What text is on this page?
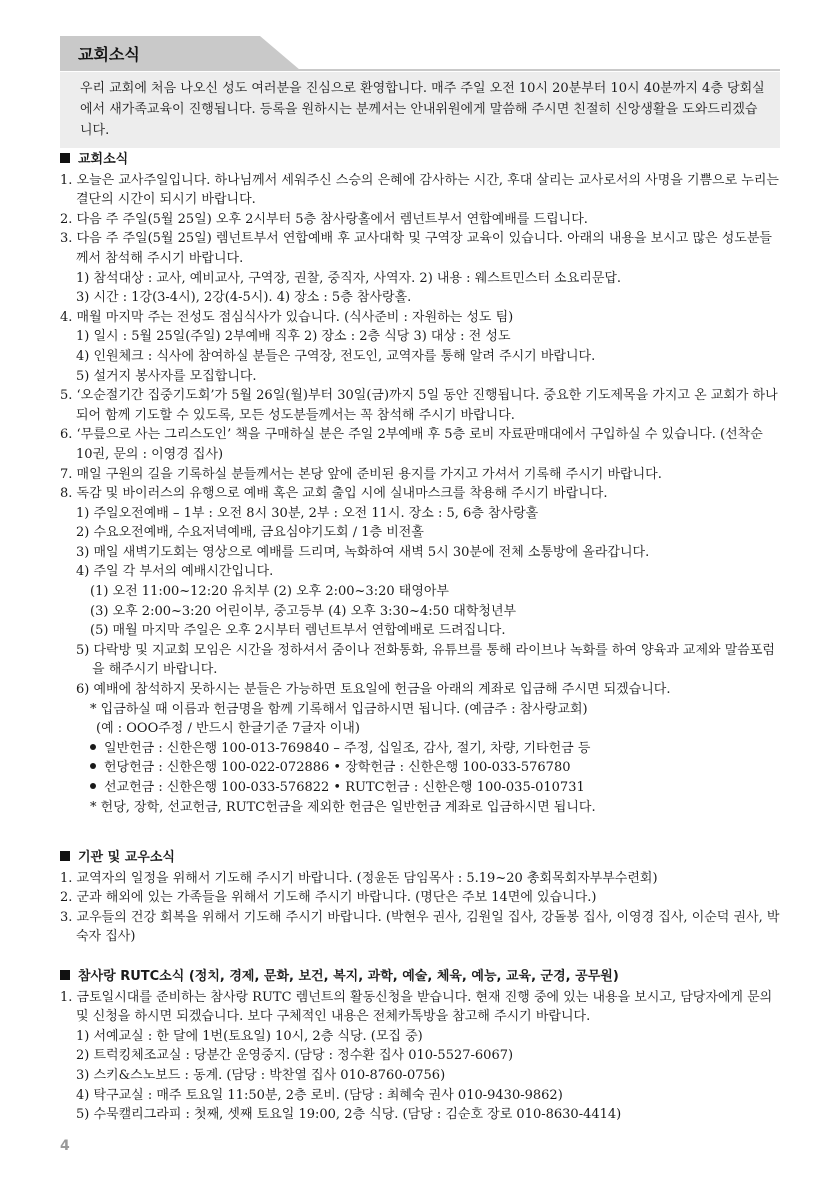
교회소식

우리 교회에 처음 나오신 성도 여러분을 진심으로 환영합니다. 매주 주일 오전 10시 20분부터 10시 40분까지 4층 당회실에서 새가족교육이 진행됩니다. 등록을 원하시는 분께서는 안내위원에게 말씀해 주시면 친절히 신앙생활을 도와드리겠습니다.

교회소식

1. 오늘은 교사주일입니다. 하나님께서 세워주신 스승의 은혜에 감사하는 시간, 후대 살리는 교사로서의 사명을 기쁨으로 누리는 결단의 시간이 되시기 바랍니다.

2. 다음 주 주일(5월 25일) 오후 2시부터 5층 참사랑홀에서 렘넌트부서 연합예배를 드립니다.

3. 다음 주 주일(5월 25일) 렘넌트부서 연합예배 후 교사대학 및 구역장 교육이 있습니다. 아래의 내용을 보시고 많은 성도분들께서 참석해 주시기 바랍니다.

1) 참석대상 : 교사, 예비교사, 구역장, 권찰, 중직자, 사역자. 2) 내용 : 웨스트민스터 소요리문답.

3) 시간 : 1강(3-4시), 2강(4-5시). 4) 장소 : 5층 참사랑홀.

4. 매월 마지막 주는 전성도 점심식사가 있습니다. (식사준비 : 자원하는 성도 팀)

1) 일시 : 5월 25일(주일) 2부예배 직후 2) 장소 : 2층 식당 3) 대상 : 전 성도

4) 인원체크 : 식사에 참여하실 분들은 구역장, 전도인, 교역자를 통해 알려 주시기 바랍니다.

5) 설거지 봉사자를 모집합니다.

5. ‘오순절기간 집중기도회’가 5월 26일(월)부터 30일(금)까지 5일 동안 진행됩니다. 중요한 기도제목을 가지고 온 교회가 하나되어 함께 기도할 수 있도록, 모든 성도분들께서는 꼭 참석해 주시기 바랍니다.

6. ‘무릎으로 사는 그리스도인’ 책을 구매하실 분은 주일 2부예배 후 5층 로비 자료판매대에서 구입하실 수 있습니다. (선착순 10권, 문의 : 이영경 집사)

7. 매일 구원의 길을 기록하실 분들께서는 본당 앞에 준비된 용지를 가지고 가셔서 기록해 주시기 바랍니다.

8. 독감 및 바이러스의 유행으로 예배 혹은 교회 출입 시에 실내마스크를 착용해 주시기 바랍니다.

1) 주일오전예배 – 1부 : 오전 8시 30분, 2부 : 오전 11시. 장소 : 5, 6층 참사랑홀

2) 수요오전예배, 수요저녁예배, 금요심야기도회 / 1층 비전홀

3) 매일 새벽기도회는 영상으로 예배를 드리며, 녹화하여 새벽 5시 30분에 전체 소통방에 올라갑니다.

4) 주일 각 부서의 예배시간입니다.

(1) 오전 11:00~12:20 유치부 (2) 오후 2:00~3:20 태영아부

(3) 오후 2:00~3:20 어린이부, 중고등부 (4) 오후 3:30~4:50 대학청년부

(5) 매월 마지막 주일은 오후 2시부터 렘넌트부서 연합예배로 드려집니다.

5) 다락방 및 지교회 모임은 시간을 정하셔서 줌이나 전화통화, 유튜브를 통해 라이브나 녹화를 하여 양육과 교제와 말씀포럼을 해주시기 바랍니다.

6) 예배에 참석하지 못하시는 분들은 가능하면 토요일에 헌금을 아래의 계좌로 입금해 주시면 되겠습니다.

* 입금하실 때 이름과 헌금명을 함께 기록해서 입금하시면 됩니다. (예금주 : 참사랑교회)

(예 : OOO주정 / 반드시 한글기준 7글자 이내)

일반헌금 : 신한은행 100-013-769840 – 주정, 십일조, 감사, 절기, 차량, 기타헌금 등

헌당헌금 : 신한은행 100-022-072886 • 장학헌금 : 신한은행 100-033-576780

선교헌금 : 신한은행 100-033-576822 • RUTC헌금 : 신한은행 100-035-010731

* 헌당, 장학, 선교헌금, RUTC헌금을 제외한 헌금은 일반헌금 계좌로 입금하시면 됩니다.

기관 및 교우소식

1. 교역자의 일정을 위해서 기도해 주시기 바랍니다. (정윤돈 담임목사 : 5.19~20 총회목회자부부수련회)

2. 군과 해외에 있는 가족들을 위해서 기도해 주시기 바랍니다. (명단은 주보 14면에 있습니다.)

3. 교우들의 건강 회복을 위해서 기도해 주시기 바랍니다. (박현우 권사, 김원일 집사, 강돌봉 집사, 이영경 집사, 이순덕 권사, 박숙자 집사)

참사랑 RUTC소식 (정치, 경제, 문화, 보건, 복지, 과학, 예술, 체육, 예능, 교육, 군경, 공무원)

1. 금토일시대를 준비하는 참사랑 RUTC 렘넌트의 활동신청을 받습니다. 현재 진행 중에 있는 내용을 보시고, 담당자에게 문의 및 신청을 하시면 되겠습니다. 보다 구체적인 내용은 전체카톡방을 참고해 주시기 바랍니다.

1) 서예교실 : 한 달에 1번(토요일) 10시, 2층 식당. (모집 중)

2) 트럭킹체조교실 : 당분간 운영중지. (담당 : 정수환 집사 010-5527-6067)

3) 스키&스노보드 : 동계. (담당 : 박찬열 집사 010-8760-0756)

4) 탁구교실 : 매주 토요일 11:50분, 2층 로비. (담당 : 최혜숙 권사 010-9430-9862)

5) 수묵캘리그라피 : 첫째, 셋째 토요일 19:00, 2층 식당. (담당 : 김순호 장로 010-8630-4414)

4
